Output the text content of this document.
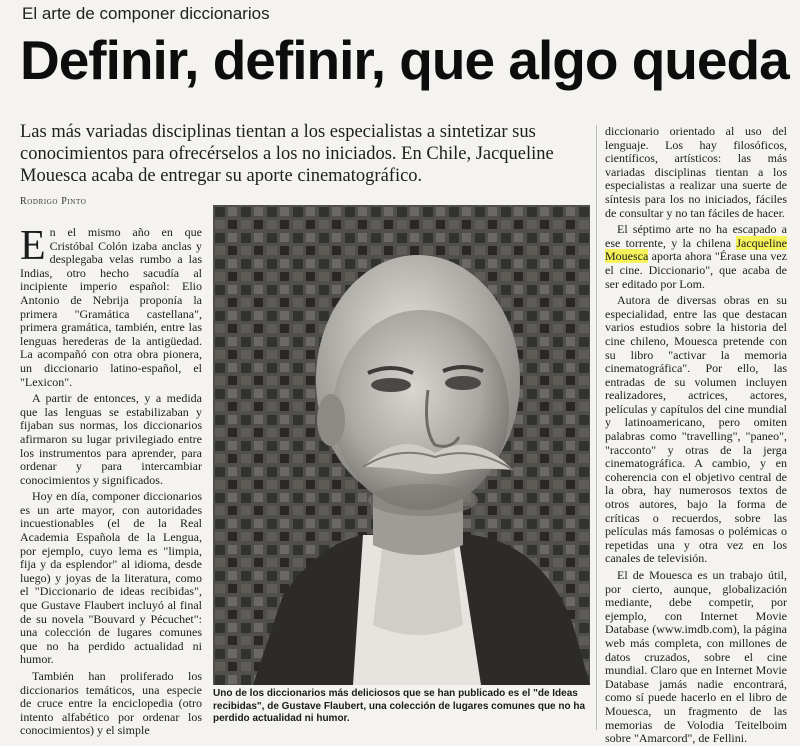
El arte de componer diccionarios
Definir, definir, que algo queda
Las más variadas disciplinas tientan a los especialistas a sintetizar sus conocimientos para ofrecérselos a los no iniciados. En Chile, Jacqueline Mouesca acaba de entregar su aporte cinematográfico.
Rodrigo Pinto

En el mismo año en que Cristóbal Colón izaba anclas y desplegaba velas rumbo a las Indias, otro hecho sacudía al incipiente imperio español: Elio Antonio de Nebrija proponía la primera "Gramática castellana", primera gramática, también, entre las lenguas herederas de la antigüedad. La acompañó con otra obra pionera, un diccionario latino-español, el "Lexicon".

A partir de entonces, y a medida que las lenguas se estabilizaban y fijaban sus normas, los diccionarios afirmaron su lugar privilegiado entre los instrumentos para aprender, para ordenar y para intercambiar conocimientos y significados.

Hoy en día, componer diccionarios es un arte mayor, con autoridades incuestionables (el de la Real Academia Española de la Lengua, por ejemplo, cuyo lema es "limpia, fija y da esplendor" al idioma, desde luego) y joyas de la literatura, como el "Diccionario de ideas recibidas", que Gustave Flaubert incluyó al final de su novela "Bouvard y Pécuchet": una colección de lugares comunes que no ha perdido actualidad ni humor.

También han proliferado los diccionarios temáticos, una especie de cruce entre la enciclopedia (otro intento alfabético por ordenar los conocimientos) y el simple

Uno de los diccionarios más deliciosos que se han publicado es el "de Ideas recibidas", de Gustave Flaubert, una colección de lugares comunes que no ha perdido actualidad ni humor.

diccionario orientado al uso del lenguaje. Los hay filosóficos, científicos, artísticos: las más variadas disciplinas tientan a los especialistas a realizar una suerte de síntesis para los no iniciados, fáciles de consultar y no tan fáciles de hacer.

El séptimo arte no ha escapado a ese torrente, y la chilena Jacqueline Mouesca aporta ahora "Érase una vez el cine. Diccionario", que acaba de ser editado por Lom.

Autora de diversas obras en su especialidad, entre las que destacan varios estudios sobre la historia del cine chileno, Mouesca pretende con su libro "activar la memoria cinematográfica". Por ello, las entradas de su volumen incluyen realizadores, actrices, actores, películas y capítulos del cine mundial y latinoamericano, pero omiten palabras como "travelling", "paneo", "racconto" y otras de la jerga cinematográfica. A cambio, y en coherencia con el objetivo central de la obra, hay numerosos textos de otros autores, bajo la forma de críticas o recuerdos, sobre las películas más famosas o polémicas o repetidas una y otra vez en los canales de televisión.

El de Mouesca es un trabajo útil, por cierto, aunque, globalización mediante, debe competir, por ejemplo, con Internet Movie Database (www.imdb.com), la página web más completa, con millones de datos cruzados, sobre el cine mundial. Claro que en Internet Movie Database jamás nadie encontrará, como sí puede hacerlo en el libro de Mouesca, un fragmento de las memorias de Volodia Teitelboim sobre "Amarcord", de Fellini.
